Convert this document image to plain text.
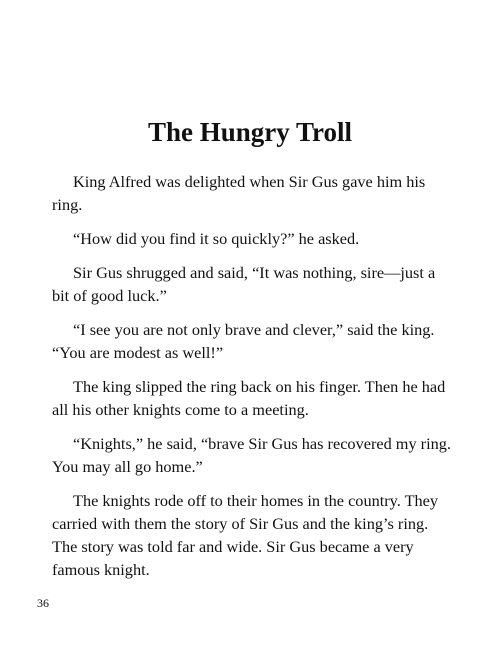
The Hungry Troll

King Alfred was delighted when Sir Gus gave him his ring.

“How did you find it so quickly?” he asked.

Sir Gus shrugged and said, “It was nothing, sire—just a bit of good luck.”

“I see you are not only brave and clever,” said the king. “You are modest as well!”

The king slipped the ring back on his finger. Then he had all his other knights come to a meeting.

“Knights,” he said, “brave Sir Gus has recovered my ring. You may all go home.”

The knights rode off to their homes in the country. They carried with them the story of Sir Gus and the king’s ring. The story was told far and wide. Sir Gus became a very famous knight.

36
